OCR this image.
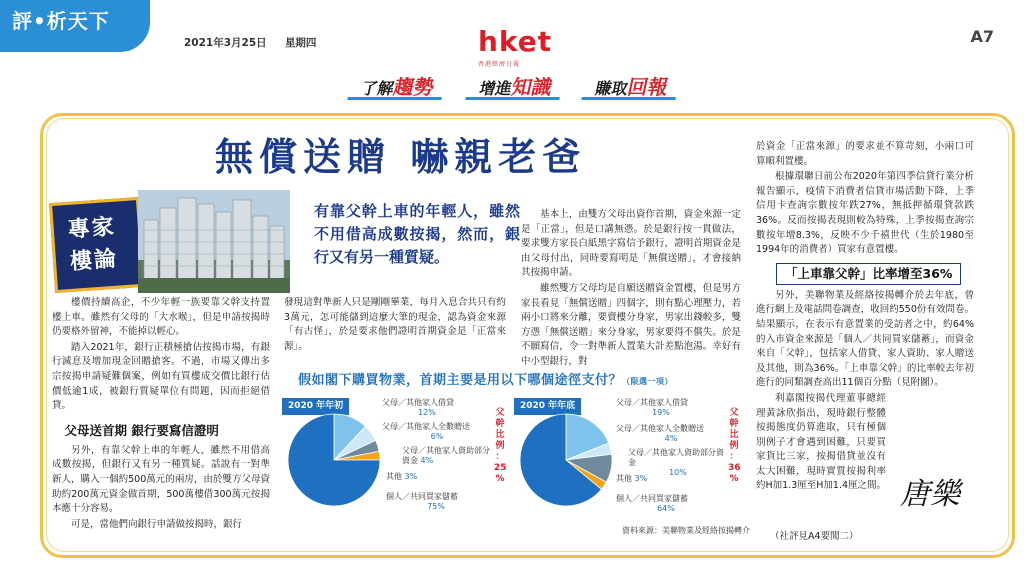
評•析天下
2021年3月25日 星期四	hket
香港經濟日報
A7
了解趨勢	增進知識	賺取回報
無償送贈 嚇親老爸
專家
樓論
有靠父幹上車的年輕人，雖然不用借高成數按揭，然而，銀行又有另一種質疑。

樓價持續高企，不少年輕一族要靠父幹支持置樓上車。雖然有父母的「大水喉」，但是申請按揭時仍要格外留神，不能掉以輕心。

踏入2021年，銀行正積極搶佔按揭市場，有銀行減息及增加現金回贈搶客。不過，市場又傳出多宗按揭申請疑難個案，例如有買樓成交價比銀行估價低逾1成，被銀行質疑單位有問題，因而拒絕借貸。

父母送首期 銀行要寫信證明

另外，有靠父幹上車的年輕人，雖然不用借高成數按揭，但銀行又有另一種質疑。話說有一對準新人，購入一個約500萬元的兩房，由於雙方父母資助約200萬元資金做首期，500萬樓借300萬元按揭本應十分容易。

可是，當他們向銀行申請做按揭時，銀行

發現這對準新人只是剛剛畢業，每月入息合共只有約3萬元，怎可能儲到這麼大筆的現金，認為資金來源「有古怪」，於是要求他們證明首期資金是「正當來源」。

基本上，由雙方父母出資作首期，資金來源一定是「正當」，但是口講無憑。於是銀行按一貫做法，要求雙方家長白紙黑字寫信予銀行，證明首期資金是由父母付出，同時要寫明是「無償送贈」，才會接納其按揭申請。

雖然雙方父母均是自願送贈資金置樓，但是男方家長看見「無償送贈」四個字，則有點心理壓力，若兩小口將來分離，要賣樓分身家，男家出錢較多，雙方憑「無償送贈」來分身家，男家要得不償失。於是不願寫信，令一對準新人置業大計差點泡湯。幸好有中小型銀行，對

於資金「正當來源」的要求並不算苛刻，小兩口可算順利置樓。

根據環聯日前公布2020年第四季信貸行業分析報告顯示，疫情下消費者信貸市場活動下降，上季信用卡查詢宗數按年跌27%，無抵押循環貸款跌36%。反而按揭表現則較為特殊，上季按揭查詢宗數按年增8.3%，反映不少千禧世代（生於1980至1994年的消費者）買家有意置樓。

「上車靠父幹」比率增至36%

另外，美聯物業及經絡按揭轉介於去年底，曾進行網上及電話問卷調查，收回約550份有效問卷。結果顯示，在表示有意置業的受訪者之中，約64%的入市資金來源是「個人／共同買家儲蓄」，而資金來自「父幹」，包括家人借貸、家人資助、家人贈送及其他，則為36%。「上車靠父幹」的比率較去年初進行的同類調查高出11個百分點（見附圖）。

利嘉閣按揭代理董事總經理黃詠欣指出，現時銀行整體按揭態度仍算進取，只有極個別例子才會遇到困難，只要買家貨比三家，按揭借貸並沒有太大困難，現時實質按揭利率約H加1.3厘至H加1.4厘之間。 唐樂
（社評見A4要聞二）
假如閣下購買物業，首期主要是用以下哪個途徑支付？（限選一項）
2020 年年初	父母／其他家人借貸
12%
父母／其他家人全數贈送
6%
父母／其他家人資助部分資金 4%
其他 3%
個人／共同買家儲蓄
75%
父
幹
比
例
：
25
%
2020 年年底	父母／其他家人借貸
19%
父母／其他家人全數贈送
4%
父母／其他家人資助部分資金
10%
其他 3%
個人／共同買家儲蓄
64%
父
幹
比
例
：
36
%
資料來源：美聯物業及經絡按揭轉介
